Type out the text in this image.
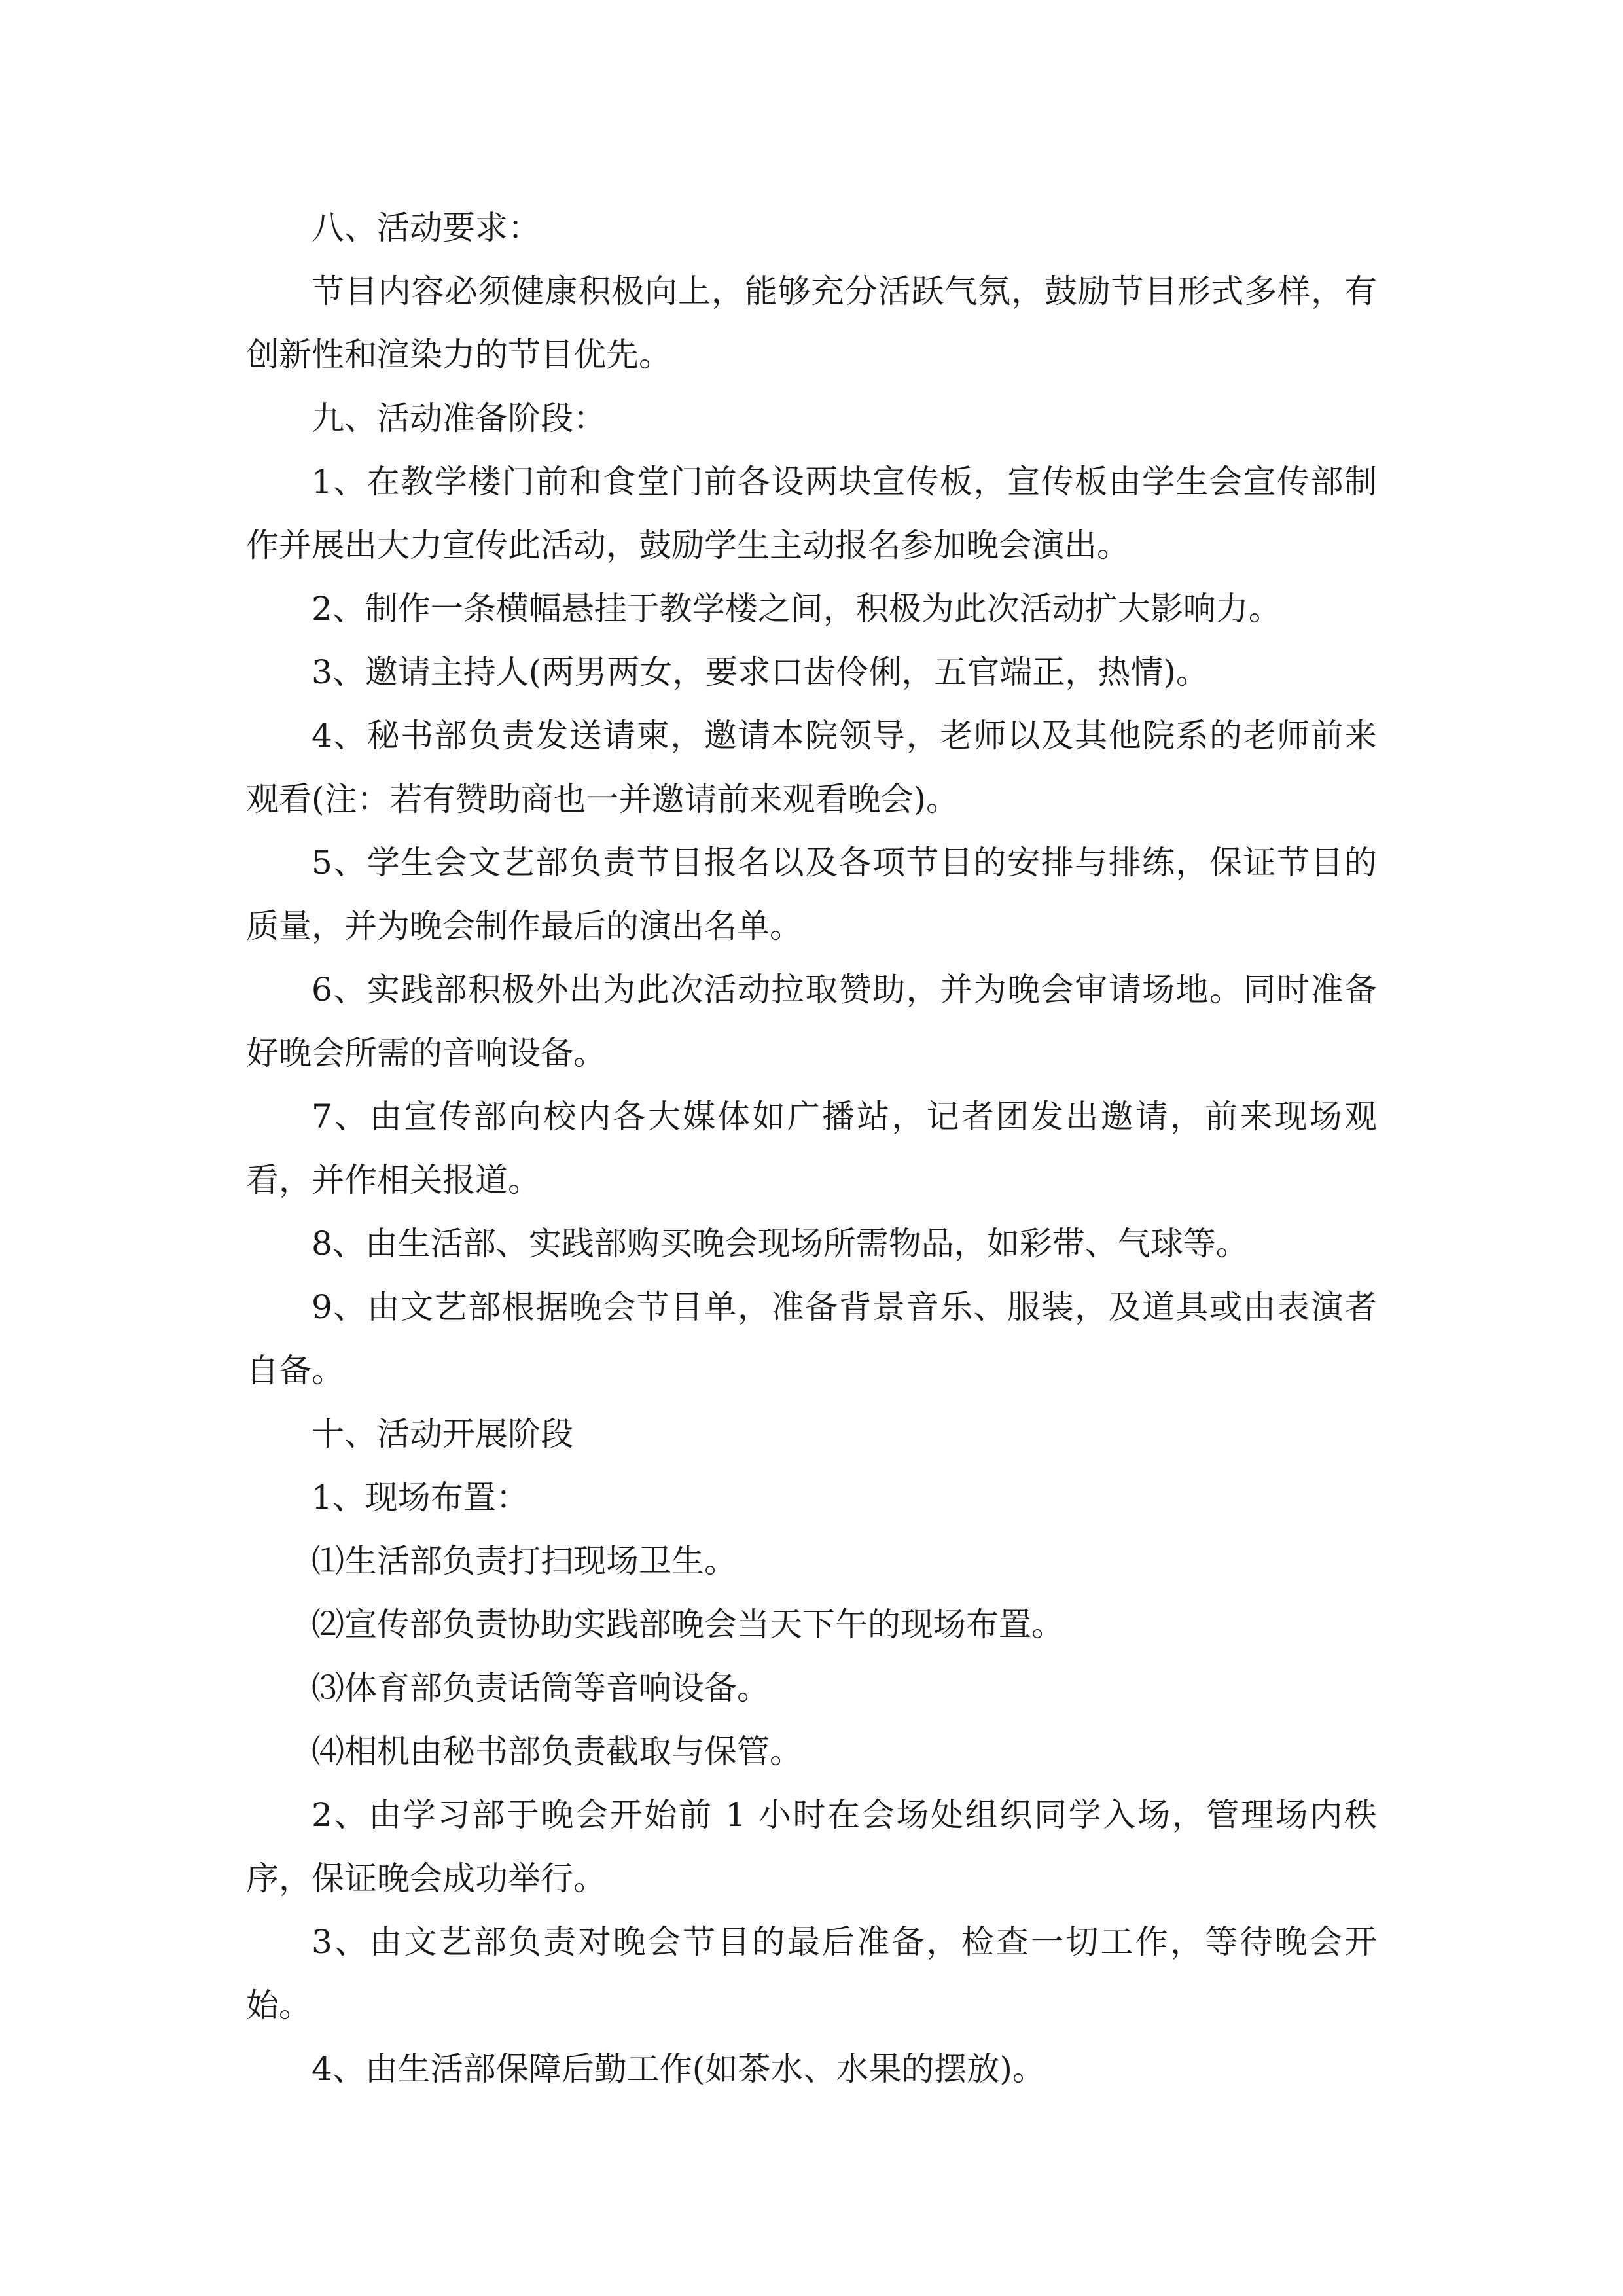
八、活动要求：

节目内容必须健康积极向上，能够充分活跃气氛，鼓励节目形式多样，有创新性和渲染力的节目优先。

九、活动准备阶段：

1、在教学楼门前和食堂门前各设两块宣传板，宣传板由学生会宣传部制作并展出大力宣传此活动，鼓励学生主动报名参加晚会演出。

2、制作一条横幅悬挂于教学楼之间，积极为此次活动扩大影响力。

3、邀请主持人(两男两女，要求口齿伶俐，五官端正，热情)。

4、秘书部负责发送请柬，邀请本院领导，老师以及其他院系的老师前来观看(注：若有赞助商也一并邀请前来观看晚会)。

5、学生会文艺部负责节目报名以及各项节目的安排与排练，保证节目的质量，并为晚会制作最后的演出名单。

6、实践部积极外出为此次活动拉取赞助，并为晚会审请场地。同时准备好晚会所需的音响设备。

7、由宣传部向校内各大媒体如广播站，记者团发出邀请，前来现场观看，并作相关报道。

8、由生活部、实践部购买晚会现场所需物品，如彩带、气球等。

9、由文艺部根据晚会节目单，准备背景音乐、服装，及道具或由表演者自备。

十、活动开展阶段

1、现场布置：

⑴生活部负责打扫现场卫生。

⑵宣传部负责协助实践部晚会当天下午的现场布置。

⑶体育部负责话筒等音响设备。

⑷相机由秘书部负责截取与保管。

2、由学习部于晚会开始前 1 小时在会场处组织同学入场，管理场内秩序，保证晚会成功举行。

3、由文艺部负责对晚会节目的最后准备，检查一切工作，等待晚会开始。

4、由生活部保障后勤工作(如茶水、水果的摆放)。
